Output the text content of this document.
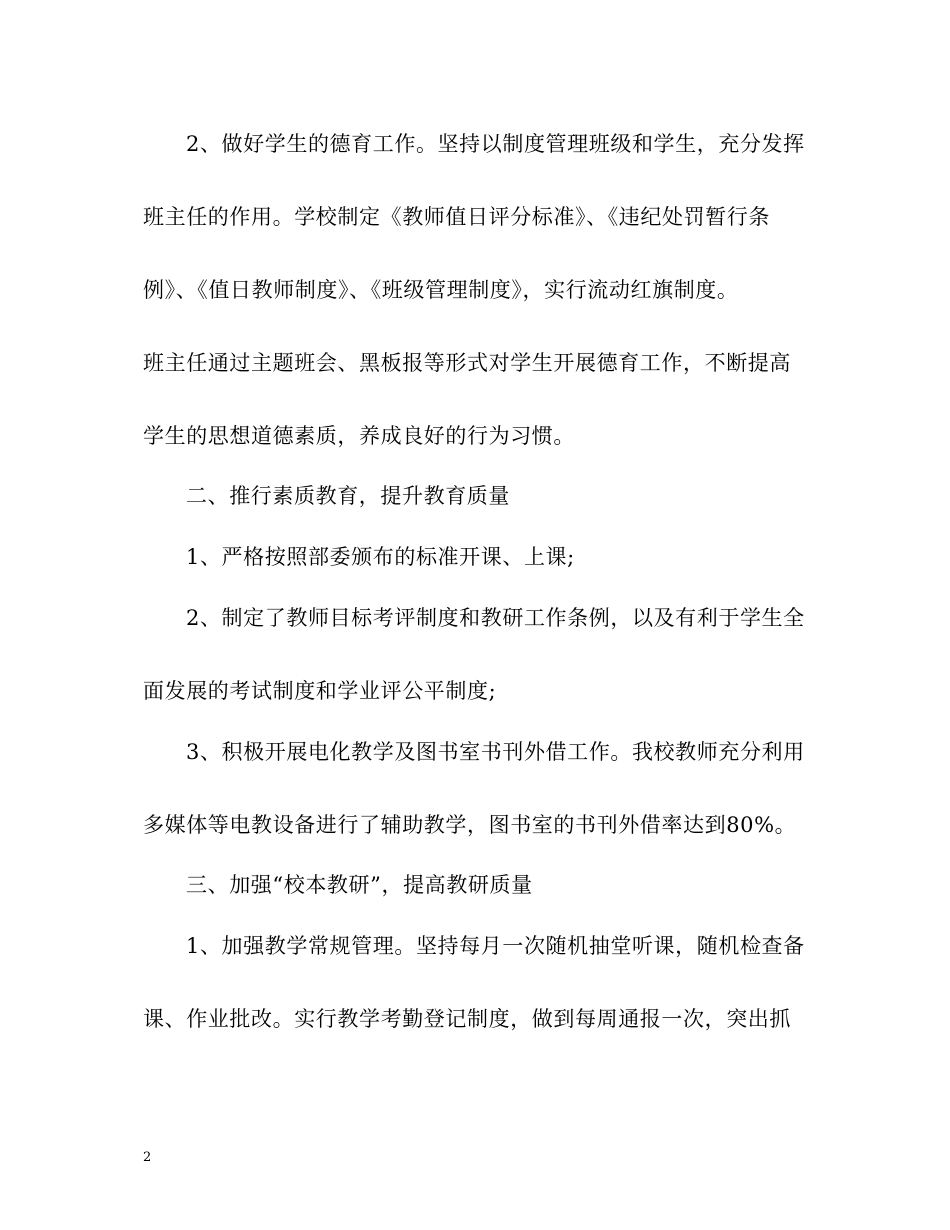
2、做好学生的德育工作。坚持以制度管理班级和学生，充分发挥
班主任的作用。学校制定《教师值日评分标准》、《违纪处罚暂行条
例》、《值日教师制度》、《班级管理制度》，实行流动红旗制度。
班主任通过主题班会、黑板报等形式对学生开展德育工作，不断提高
学生的思想道德素质，养成良好的行为习惯。
二、推行素质教育，提升教育质量
1、严格按照部委颁布的标准开课、上课;
2、制定了教师目标考评制度和教研工作条例，以及有利于学生全
面发展的考试制度和学业评公平制度;
3、积极开展电化教学及图书室书刊外借工作。我校教师充分利用
多媒体等电教设备进行了辅助教学，图书室的书刊外借率达到80%。
三、加强“校本教研”，提高教研质量
1、加强教学常规管理。坚持每月一次随机抽堂听课，随机检查备
课、作业批改。实行教学考勤登记制度，做到每周通报一次，突出抓
2
